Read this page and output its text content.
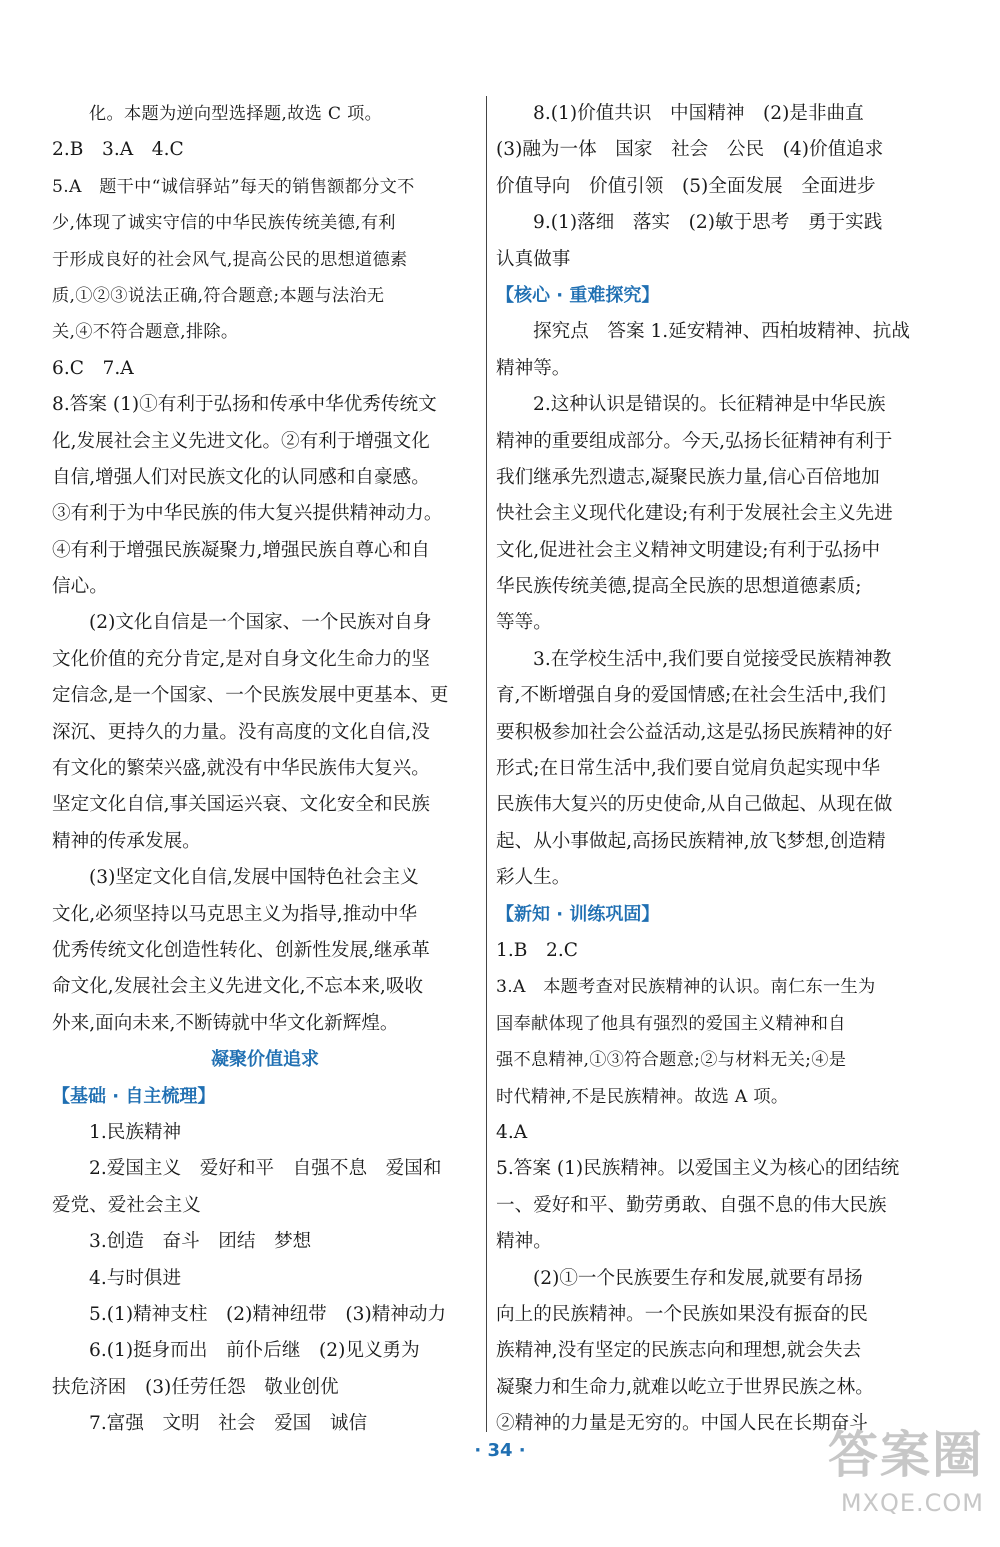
化。本题为逆向型选择题,故选 C 项。
2.B　3.A　4.C
5.A　题干中“诚信驿站”每天的销售额都分文不
少,体现了诚实守信的中华民族传统美德,有利
于形成良好的社会风气,提高公民的思想道德素
质,①②③说法正确,符合题意;本题与法治无
关,④不符合题意,排除。
6.C　7.A
8.答案 (1)①有利于弘扬和传承中华优秀传统文
化,发展社会主义先进文化。②有利于增强文化
自信,增强人们对民族文化的认同感和自豪感。
③有利于为中华民族的伟大复兴提供精神动力。
④有利于增强民族凝聚力,增强民族自尊心和自
信心。
(2)文化自信是一个国家、一个民族对自身
文化价值的充分肯定,是对自身文化生命力的坚
定信念,是一个国家、一个民族发展中更基本、更
深沉、更持久的力量。没有高度的文化自信,没
有文化的繁荣兴盛,就没有中华民族伟大复兴。
坚定文化自信,事关国运兴衰、文化安全和民族
精神的传承发展。
(3)坚定文化自信,发展中国特色社会主义
文化,必须坚持以马克思主义为指导,推动中华
优秀传统文化创造性转化、创新性发展,继承革
命文化,发展社会主义先进文化,不忘本来,吸收
外来,面向未来,不断铸就中华文化新辉煌。
凝聚价值追求
【基础 · 自主梳理】
1.民族精神
2.爱国主义　爱好和平　自强不息　爱国和
爱党、爱社会主义
3.创造　奋斗　团结　梦想
4.与时俱进
5.(1)精神支柱　(2)精神纽带　(3)精神动力
6.(1)挺身而出　前仆后继　(2)见义勇为
扶危济困　(3)任劳任怨　敬业创优
7.富强　文明　社会　爱国　诚信
8.(1)价值共识　中国精神　(2)是非曲直
(3)融为一体　国家　社会　公民　(4)价值追求
价值导向　价值引领　(5)全面发展　全面进步
9.(1)落细　落实　(2)敏于思考　勇于实践
认真做事
【核心 · 重难探究】
探究点　答案 1.延安精神、西柏坡精神、抗战
精神等。
2.这种认识是错误的。长征精神是中华民族
精神的重要组成部分。今天,弘扬长征精神有利于
我们继承先烈遗志,凝聚民族力量,信心百倍地加
快社会主义现代化建设;有利于发展社会主义先进
文化,促进社会主义精神文明建设;有利于弘扬中
华民族传统美德,提高全民族的思想道德素质;
等等。
3.在学校生活中,我们要自觉接受民族精神教
育,不断增强自身的爱国情感;在社会生活中,我们
要积极参加社会公益活动,这是弘扬民族精神的好
形式;在日常生活中,我们要自觉肩负起实现中华
民族伟大复兴的历史使命,从自己做起、从现在做
起、从小事做起,高扬民族精神,放飞梦想,创造精
彩人生。
【新知 · 训练巩固】
1.B　2.C
3.A　本题考查对民族精神的认识。南仁东一生为
国奉献体现了他具有强烈的爱国主义精神和自
强不息精神,①③符合题意;②与材料无关;④是
时代精神,不是民族精神。故选 A 项。
4.A
5.答案 (1)民族精神。以爱国主义为核心的团结统
一、爱好和平、勤劳勇敢、自强不息的伟大民族
精神。
(2)①一个民族要生存和发展,就要有昂扬
向上的民族精神。一个民族如果没有振奋的民
族精神,没有坚定的民族志向和理想,就会失去
凝聚力和生命力,就难以屹立于世界民族之林。
②精神的力量是无穷的。中国人民在长期奋斗
· 34 ·	答案圈
MXQE.COM
